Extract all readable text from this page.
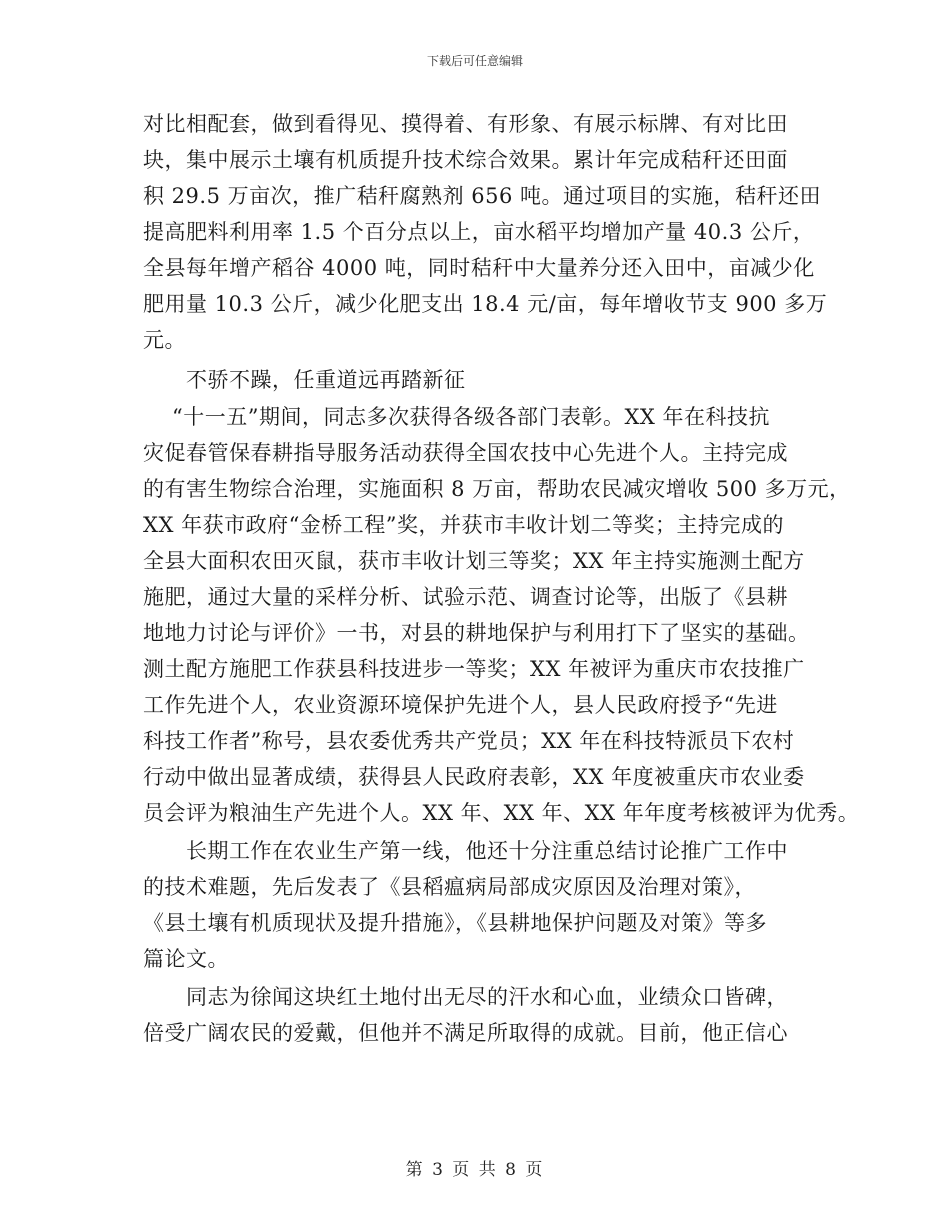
下载后可任意编辑
对比相配套，做到看得见、摸得着、有形象、有展示标牌、有对比田
块，集中展示土壤有机质提升技术综合效果。累计年完成秸秆还田面
积 29.5 万亩次，推广秸秆腐熟剂 656 吨。通过项目的实施，秸秆还田
提高肥料利用率 1.5 个百分点以上，亩水稻平均增加产量 40.3 公斤，
全县每年增产稻谷 4000 吨，同时秸秆中大量养分还入田中，亩减少化
肥用量 10.3 公斤，减少化肥支出 18.4 元/亩，每年增收节支 900 多万
元。
不骄不躁，任重道远再踏新征
“十一五”期间，同志多次获得各级各部门表彰。XX 年在科技抗
灾促春管保春耕指导服务活动获得全国农技中心先进个人。主持完成
的有害生物综合治理，实施面积 8 万亩，帮助农民减灾增收 500 多万元，
XX 年获市政府“金桥工程”奖，并获市丰收计划二等奖；主持完成的
全县大面积农田灭鼠，获市丰收计划三等奖；XX 年主持实施测土配方
施肥，通过大量的采样分析、试验示范、调查讨论等，出版了《县耕
地地力讨论与评价》一书，对县的耕地保护与利用打下了坚实的基础。
测土配方施肥工作获县科技进步一等奖；XX 年被评为重庆市农技推广
工作先进个人，农业资源环境保护先进个人，县人民政府授予“先进
科技工作者”称号，县农委优秀共产党员；XX 年在科技特派员下农村
行动中做出显著成绩，获得县人民政府表彰，XX 年度被重庆市农业委
员会评为粮油生产先进个人。XX 年、XX 年、XX 年年度考核被评为优秀。
长期工作在农业生产第一线，他还十分注重总结讨论推广工作中
的技术难题，先后发表了《县稻瘟病局部成灾原因及治理对策》，
《县土壤有机质现状及提升措施》，《县耕地保护问题及对策》等多
篇论文。
同志为徐闻这块红土地付出无尽的汗水和心血，业绩众口皆碑，
倍受广阔农民的爱戴，但他并不满足所取得的成就。目前，他正信心
第 3 页 共 8 页
